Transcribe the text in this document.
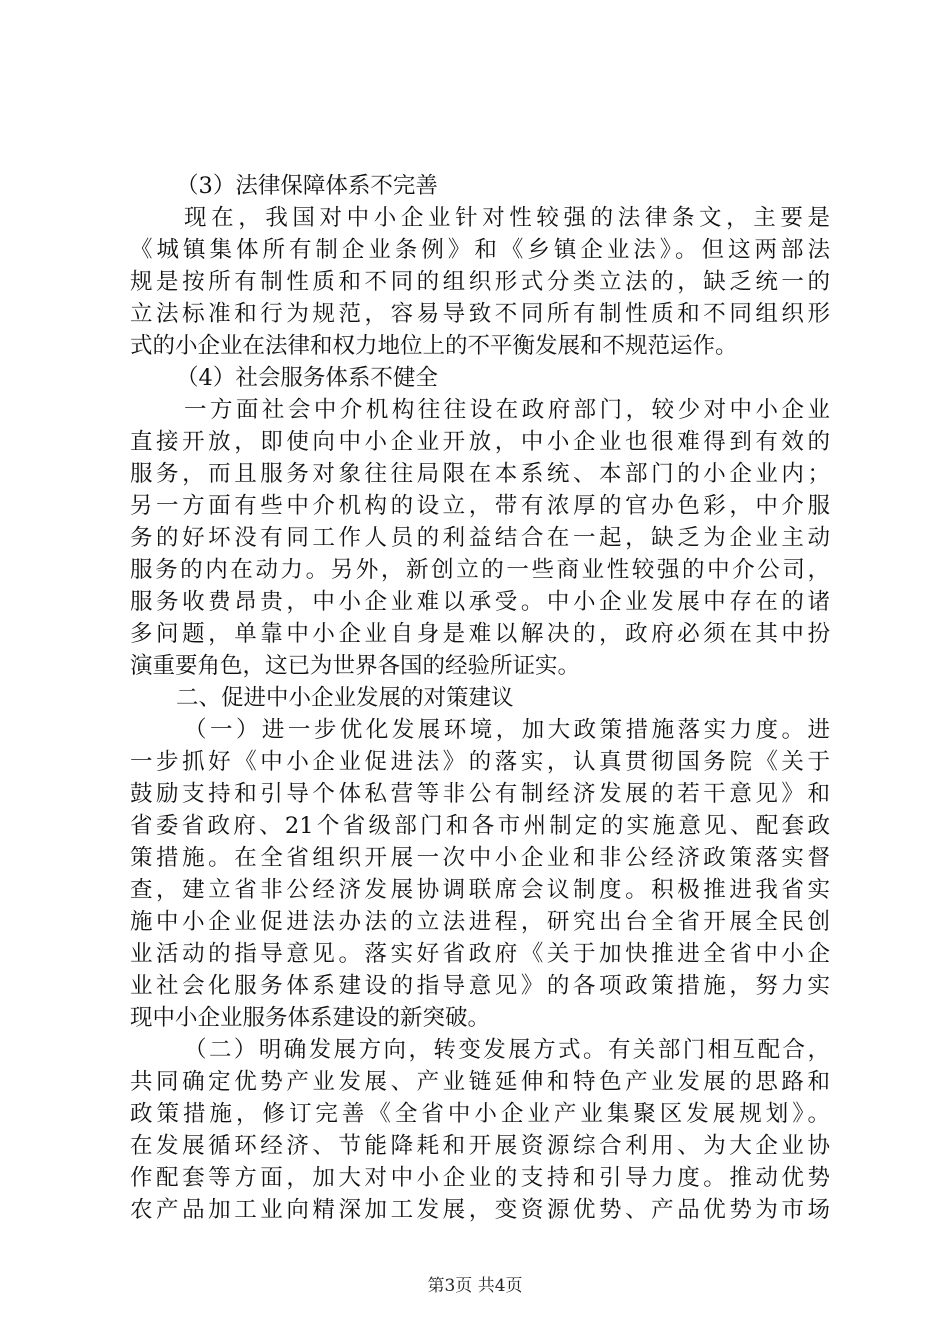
（3）法律保障体系不完善
现在，我国对中小企业针对性较强的法律条文，主要是
《城镇集体所有制企业条例》和《乡镇企业法》。但这两部法
规是按所有制性质和不同的组织形式分类立法的，缺乏统一的
立法标准和行为规范，容易导致不同所有制性质和不同组织形
式的小企业在法律和权力地位上的不平衡发展和不规范运作。
（4）社会服务体系不健全
一方面社会中介机构往往设在政府部门，较少对中小企业
直接开放，即使向中小企业开放，中小企业也很难得到有效的
服务，而且服务对象往往局限在本系统、本部门的小企业内；
另一方面有些中介机构的设立，带有浓厚的官办色彩，中介服
务的好坏没有同工作人员的利益结合在一起，缺乏为企业主动
服务的内在动力。另外，新创立的一些商业性较强的中介公司，
服务收费昂贵，中小企业难以承受。中小企业发展中存在的诸
多问题，单靠中小企业自身是难以解决的，政府必须在其中扮
演重要角色，这已为世界各国的经验所证实。
二、促进中小企业发展的对策建议
（一）进一步优化发展环境，加大政策措施落实力度。进
一步抓好《中小企业促进法》的落实，认真贯彻国务院《关于
鼓励支持和引导个体私营等非公有制经济发展的若干意见》和
省委省政府、21个省级部门和各市州制定的实施意见、配套政
策措施。在全省组织开展一次中小企业和非公经济政策落实督
查，建立省非公经济发展协调联席会议制度。积极推进我省实
施中小企业促进法办法的立法进程，研究出台全省开展全民创
业活动的指导意见。落实好省政府《关于加快推进全省中小企
业社会化服务体系建设的指导意见》的各项政策措施，努力实
现中小企业服务体系建设的新突破。
（二）明确发展方向，转变发展方式。有关部门相互配合，
共同确定优势产业发展、产业链延伸和特色产业发展的思路和
政策措施，修订完善《全省中小企业产业集聚区发展规划》。
在发展循环经济、节能降耗和开展资源综合利用、为大企业协
作配套等方面，加大对中小企业的支持和引导力度。推动优势
农产品加工业向精深加工发展，变资源优势、产品优势为市场
第3页 共4页
